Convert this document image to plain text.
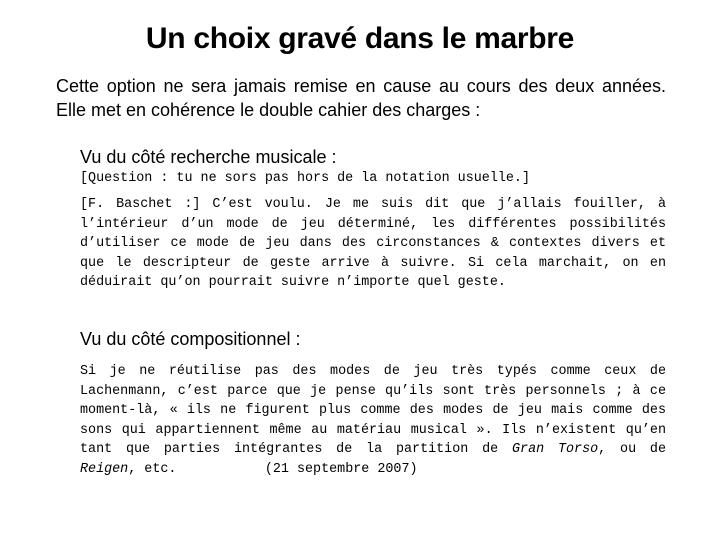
Un choix gravé dans le marbre
Cette option ne sera jamais remise en cause au cours des deux années. Elle met en cohérence le double cahier des charges :
Vu du côté recherche musicale :
[Question : tu ne sors pas hors de la notation usuelle.]
[F. Baschet :] C’est voulu. Je me suis dit que j’allais fouiller, à l’intérieur d’un mode de jeu déterminé, les différentes possibilités d’utiliser ce mode de jeu dans des circonstances & contextes divers et que le descripteur de geste arrive à suivre. Si cela marchait, on en déduirait qu’on pourrait suivre n’importe quel geste.
Vu du côté compositionnel :
Si je ne réutilise pas des modes de jeu très typés comme ceux de Lachenmann, c’est parce que je pense qu’ils sont très personnels ; à ce moment-là, « ils ne figurent plus comme des modes de jeu mais comme des sons qui appartiennent même au matériau musical ». Ils n’existent qu’en tant que parties intégrantes de la partition de Gran Torso, ou de Reigen, etc.	(21 septembre 2007)
